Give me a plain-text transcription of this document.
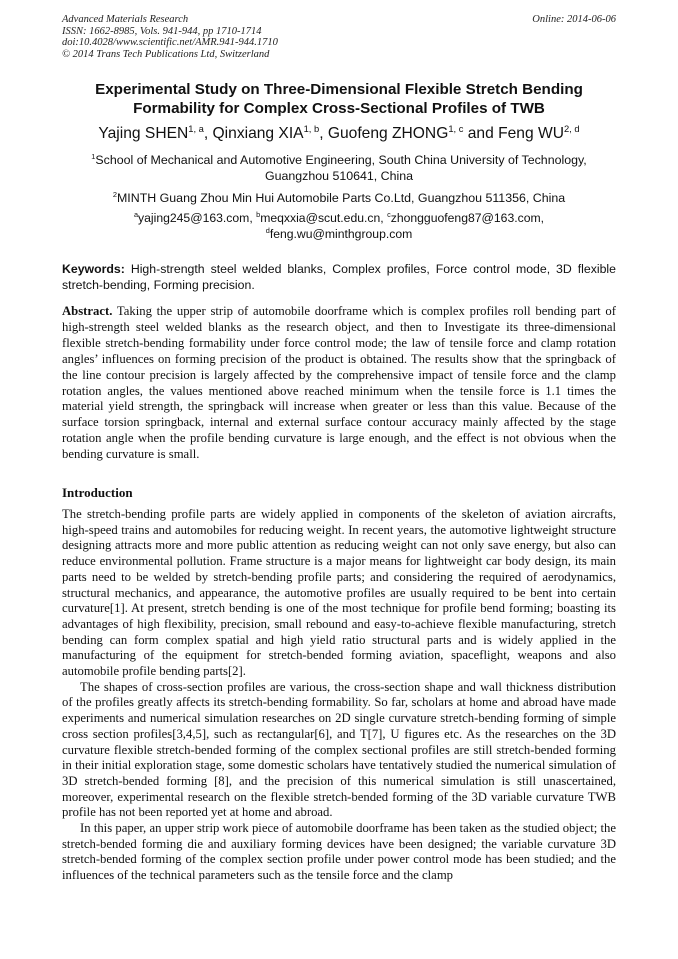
Advanced Materials Research
ISSN: 1662-8985, Vols. 941-944, pp 1710-1714
doi:10.4028/www.scientific.net/AMR.941-944.1710
© 2014 Trans Tech Publications Ltd, Switzerland
Online: 2014-06-06
Experimental Study on Three-Dimensional Flexible Stretch Bending Formability for Complex Cross-Sectional Profiles of TWB
Yajing SHEN$^{1, a}$, Qinxiang XIA$^{1, b}$, Guofeng ZHONG$^{1, c}$ and Feng WU$^{2, d}$
$^1$School of Mechanical and Automotive Engineering, South China University of Technology, Guangzhou 510641, China
$^2$MINTH Guang Zhou Min Hui Automobile Parts Co.Ltd, Guangzhou 511356, China
$^a$yajing245@163.com, $^b$meqxxia@scut.edu.cn, $^c$zhongguofeng87@163.com, $^d$feng.wu@minthgroup.com
Keywords: High-strength steel welded blanks, Complex profiles, Force control mode, 3D flexible stretch-bending, Forming precision.
Abstract. Taking the upper strip of automobile doorframe which is complex profiles roll bending part of high-strength steel welded blanks as the research object, and then to Investigate its three-dimensional flexible stretch-bending formability under force control mode; the law of tensile force and clamp rotation angles’ influences on forming precision of the product is obtained. The results show that the springback of the line contour precision is largely affected by the comprehensive impact of tensile force and the clamp rotation angles, the values mentioned above reached minimum when the tensile force is 1.1 times the material yield strength, the springback will increase when greater or less than this value. Because of the surface torsion springback, internal and external surface contour accuracy mainly affected by the stage rotation angle when the profile bending curvature is large enough, and the effect is not obvious when the bending curvature is small.
Introduction

The stretch-bending profile parts are widely applied in components of the skeleton of aviation aircrafts, high-speed trains and automobiles for reducing weight. In recent years, the automotive lightweight structure designing attracts more and more public attention as reducing weight can not only save energy, but also can reduce environmental pollution. Frame structure is a major means for lightweight car body design, its main parts need to be welded by stretch-bending profile parts; and considering the required of aerodynamics, structural mechanics, and appearance, the automotive profiles are usually required to be bent into certain curvature[1]. At present, stretch bending is one of the most technique for profile bend forming; boasting its advantages of high flexibility, precision, small rebound and easy-to-achieve flexible manufacturing, stretch bending can form complex spatial and high yield ratio structural parts and is widely applied in the manufacturing of the equipment for stretch-bended forming aviation, spaceflight, weapons and also automobile profile bending parts[2].

The shapes of cross-section profiles are various, the cross-section shape and wall thickness distribution of the profiles greatly affects its stretch-bending formability. So far, scholars at home and abroad have made experiments and numerical simulation researches on 2D single curvature stretch-bending forming of simple cross section profiles[3,4,5], such as rectangular[6], and T[7], U figures etc. As the researches on the 3D curvature flexible stretch-bended forming of the complex sectional profiles are still stretch-bended forming in their initial exploration stage, some domestic scholars have tentatively studied the numerical simulation of 3D stretch-bended forming [8], and the precision of this numerical simulation is still unascertained, moreover, experimental research on the flexible stretch-bended forming of the 3D variable curvature TWB profile has not been reported yet at home and abroad.

In this paper, an upper strip work piece of automobile doorframe has been taken as the studied object; the stretch-bended forming die and auxiliary forming devices have been designed; the variable curvature 3D stretch-bended forming of the complex section profile under power control mode has been studied; and the influences of the technical parameters such as the tensile force and the clamp
